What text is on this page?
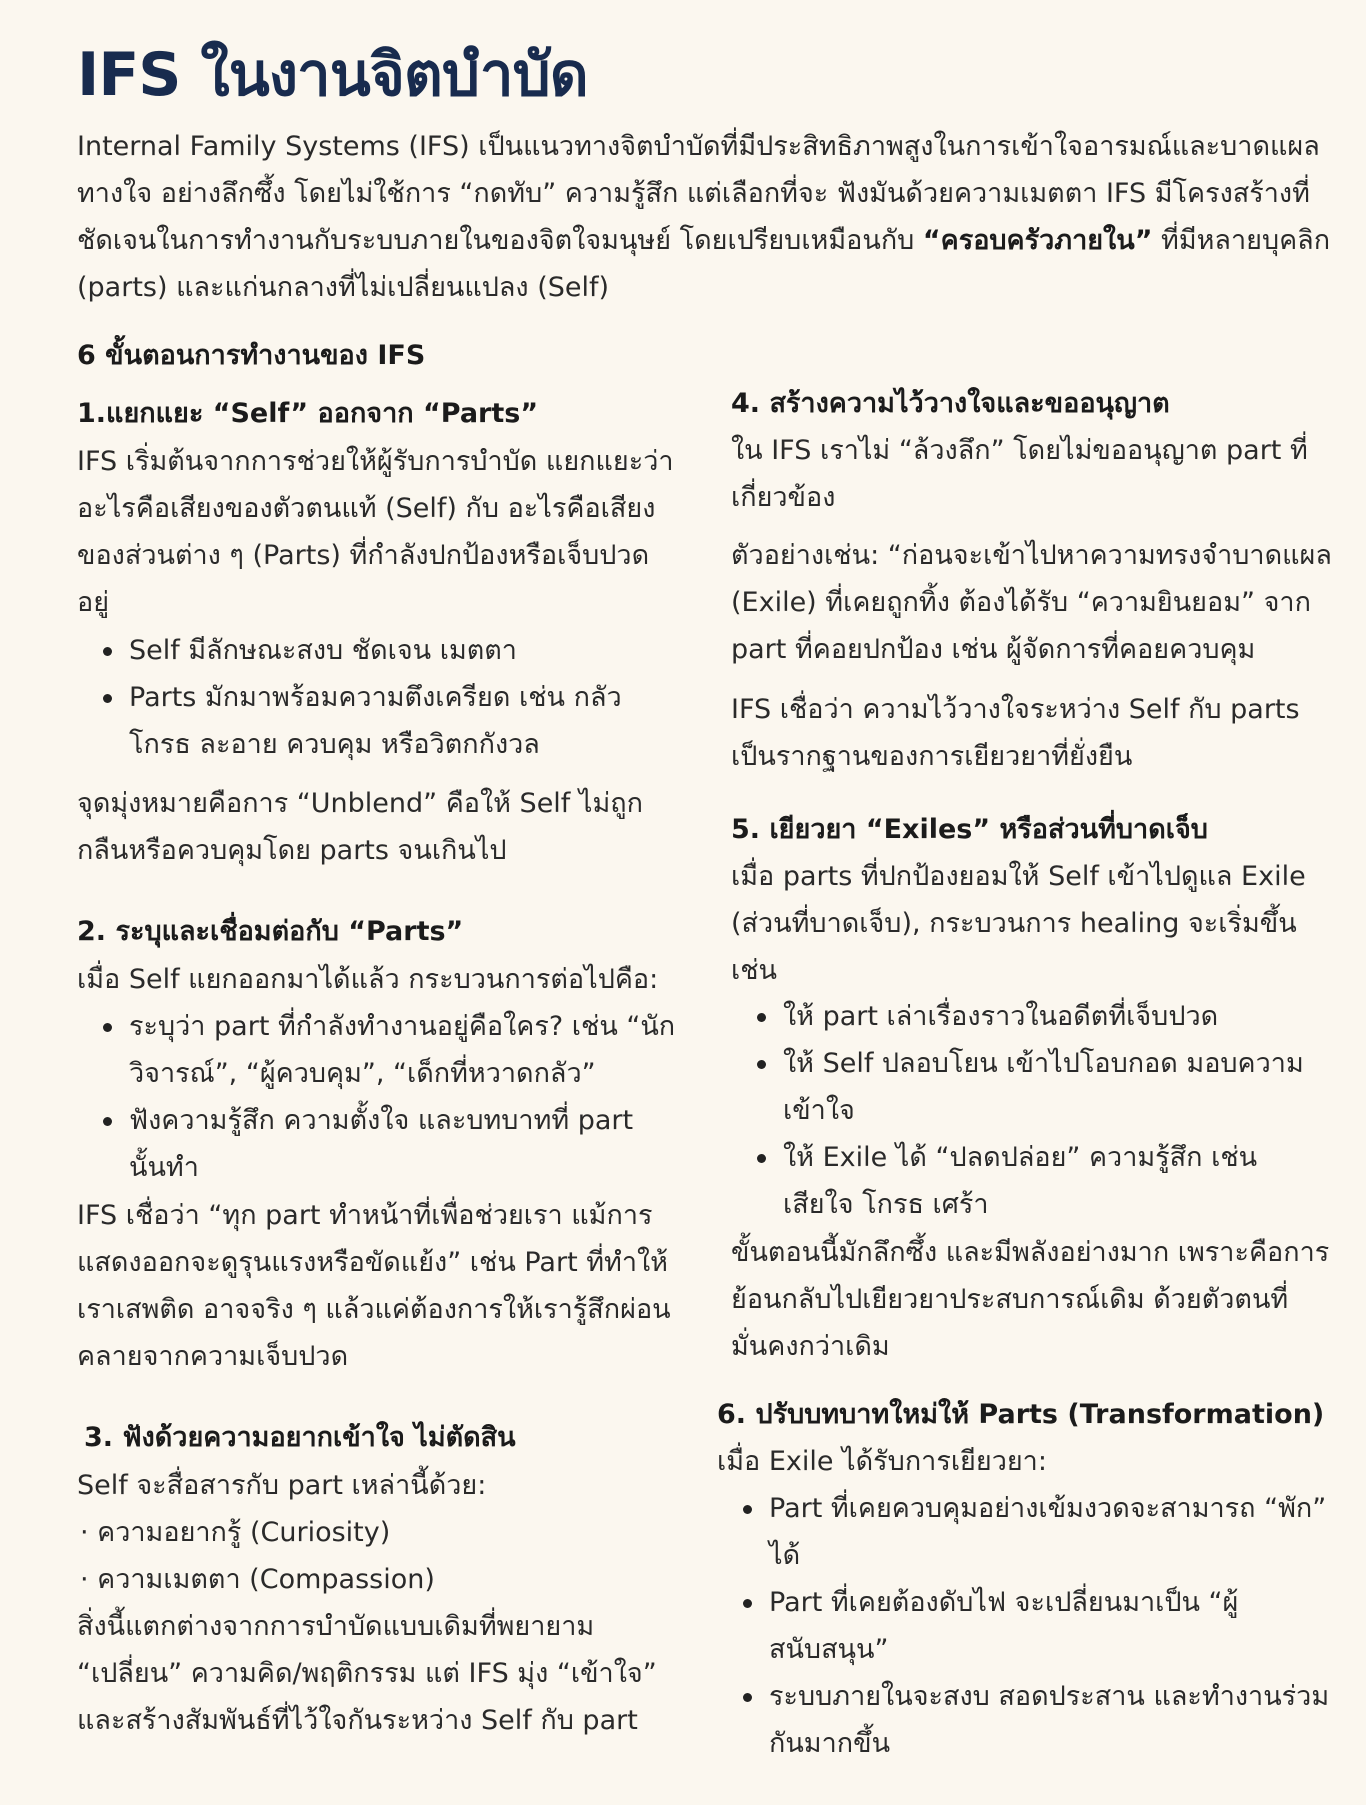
IFS ในงานจิตบำบัด

Internal Family Systems (IFS) เป็นแนวทางจิตบำบัดที่มีประสิทธิภาพสูงในการเข้าใจอารมณ์และบาดแผลทางใจ อย่างลึกซึ้ง โดยไม่ใช้การ “กดทับ” ความรู้สึก แต่เลือกที่จะ ฟังมันด้วยความเมตตา IFS มีโครงสร้างที่ชัดเจนในการทำงานกับระบบภายในของจิตใจมนุษย์ โดยเปรียบเหมือนกับ “ครอบครัวภายใน” ที่มีหลายบุคลิก (parts) และแก่นกลางที่ไม่เปลี่ยนแปลง (Self)

6 ขั้นตอนการทำงานของ IFS
1.แยกแยะ “Self” ออกจาก “Parts”

IFS เริ่มต้นจากการช่วยให้ผู้รับการบำบัด แยกแยะว่าอะไรคือเสียงของตัวตนแท้ (Self) กับ อะไรคือเสียงของส่วนต่าง ๆ (Parts) ที่กำลังปกป้องหรือเจ็บปวดอยู่

Self มีลักษณะสงบ ชัดเจน เมตตา
Parts มักมาพร้อมความตึงเครียด เช่น กลัว โกรธ ละอาย ควบคุม หรือวิตกกังวล

จุดมุ่งหมายคือการ “Unblend” คือให้ Self ไม่ถูกกลืนหรือควบคุมโดย parts จนเกินไป

2. ระบุและเชื่อมต่อกับ “Parts”

เมื่อ Self แยกออกมาได้แล้ว กระบวนการต่อไปคือ:

ระบุว่า part ที่กำลังทำงานอยู่คือใคร? เช่น “นักวิจารณ์”, “ผู้ควบคุม”, “เด็กที่หวาดกลัว”
ฟังความรู้สึก ความตั้งใจ และบทบาทที่ part นั้นทำ

IFS เชื่อว่า “ทุก part ทำหน้าที่เพื่อช่วยเรา แม้การแสดงออกจะดูรุนแรงหรือขัดแย้ง” เช่น Part ที่ทำให้เราเสพติด อาจจริง ๆ แล้วแค่ต้องการให้เรารู้สึกผ่อนคลายจากความเจ็บปวด

3. ฟังด้วยความอยากเข้าใจ ไม่ตัดสิน

Self จะสื่อสารกับ part เหล่านี้ด้วย:

· ความอยากรู้ (Curiosity)
· ความเมตตา (Compassion)

สิ่งนี้แตกต่างจากการบำบัดแบบเดิมที่พยายาม “เปลี่ยน” ความคิด/พฤติกรรม แต่ IFS มุ่ง “เข้าใจ” และสร้างสัมพันธ์ที่ไว้ใจกันระหว่าง Self กับ part

4. สร้างความไว้วางใจและขออนุญาต

ใน IFS เราไม่ “ล้วงลึก” โดยไม่ขออนุญาต part ที่เกี่ยวข้อง

ตัวอย่างเช่น: “ก่อนจะเข้าไปหาความทรงจำบาดแผล (Exile) ที่เคยถูกทิ้ง ต้องได้รับ “ความยินยอม” จาก part ที่คอยปกป้อง เช่น ผู้จัดการที่คอยควบคุม

IFS เชื่อว่า ความไว้วางใจระหว่าง Self กับ parts เป็นรากฐานของการเยียวยาที่ยั่งยืน

5. เยียวยา “Exiles” หรือส่วนที่บาดเจ็บ

เมื่อ parts ที่ปกป้องยอมให้ Self เข้าไปดูแล Exile (ส่วนที่บาดเจ็บ), กระบวนการ healing จะเริ่มขึ้น เช่น

ให้ part เล่าเรื่องราวในอดีตที่เจ็บปวด
ให้ Self ปลอบโยน เข้าไปโอบกอด มอบความเข้าใจ
ให้ Exile ได้ “ปลดปล่อย” ความรู้สึก เช่น เสียใจ โกรธ เศร้า

ขั้นตอนนี้มักลึกซึ้ง และมีพลังอย่างมาก เพราะคือการย้อนกลับไปเยียวยาประสบการณ์เดิม ด้วยตัวตนที่มั่นคงกว่าเดิม

6. ปรับบทบาทใหม่ให้ Parts (Transformation)

เมื่อ Exile ได้รับการเยียวยา:

Part ที่เคยควบคุมอย่างเข้มงวดจะสามารถ “พัก” ได้
Part ที่เคยต้องดับไฟ จะเปลี่ยนมาเป็น “ผู้สนับสนุน”
ระบบภายในจะสงบ สอดประสาน และทำงานร่วมกันมากขึ้น
